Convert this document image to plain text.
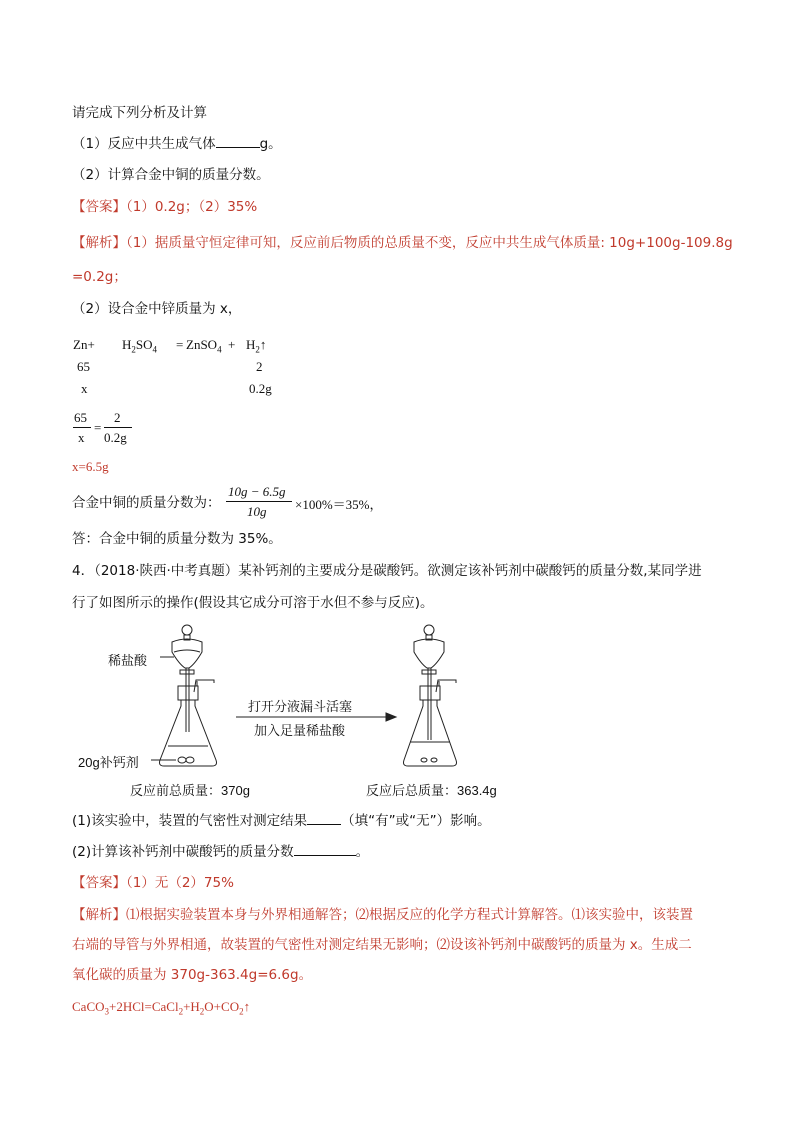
请完成下列分析及计算
（1）反应中共生成气体	g。
（2）计算合金中铜的质量分数。
【答案】（1）0.2g；（2）35%
【解析】（1）据质量守恒定律可知，反应前后物质的总质量不变，反应中共生成气体质量: 10g+100g-109.8g
=0.2g；
（2）设合金中锌质量为 x，
$Zn+ H_2SO_4$ = ZnSO$_4$ + $H_2↑$
65	2
x	0.2g
65
x
=
2
0.2g
x=6.5g
合金中铜的质量分数为：
10g − 6.5g
10g ×100%＝35%，
答：合金中铜的质量分数为 35%。
4．（2018·陕西·中考真题）某补钙剂的主要成分是碳酸钙。欲测定该补钙剂中碳酸钙的质量分数,某同学进
行了如图所示的操作(假设其它成分可溶于水但不参与反应)。
稀盐酸
20g补钙剂
打开分液漏斗活塞
加入足量稀盐酸
反应前总质量：370g	反应后总质量：363.4g
(1)该实验中，装置的气密性对测定结果	（填“有”或“无”）影响。
(2)计算该补钙剂中碳酸钙的质量分数	。
【答案】（1）无（2）75%
【解析】⑴根据实验装置本身与外界相通解答；⑵根据反应的化学方程式计算解答。⑴该实验中，该装置
右端的导管与外界相通，故装置的气密性对测定结果无影响；⑵设该补钙剂中碳酸钙的质量为 x。生成二
氧化碳的质量为 370g-363.4g=6.6g。
$CaCO_3+2HCl=CaCl_2+H_2O+CO_2↑$
